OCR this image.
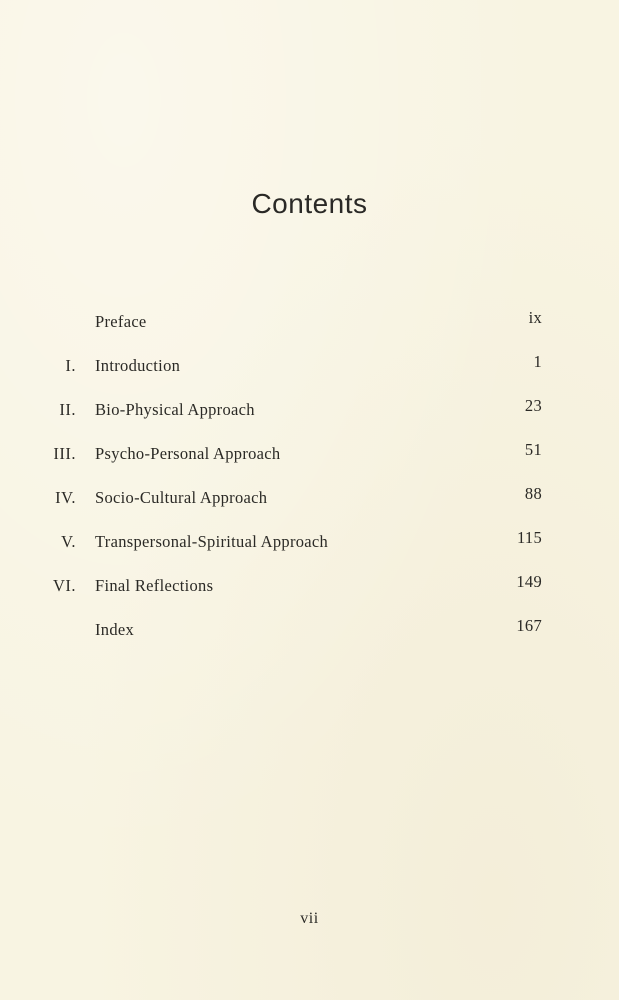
Contents
Preface	ix
I. Introduction	1
II. Bio-Physical Approach	23
III. Psycho-Personal Approach	51
IV. Socio-Cultural Approach	88
V. Transpersonal-Spiritual Approach	115
VI. Final Reflections	149
Index	167
vii
